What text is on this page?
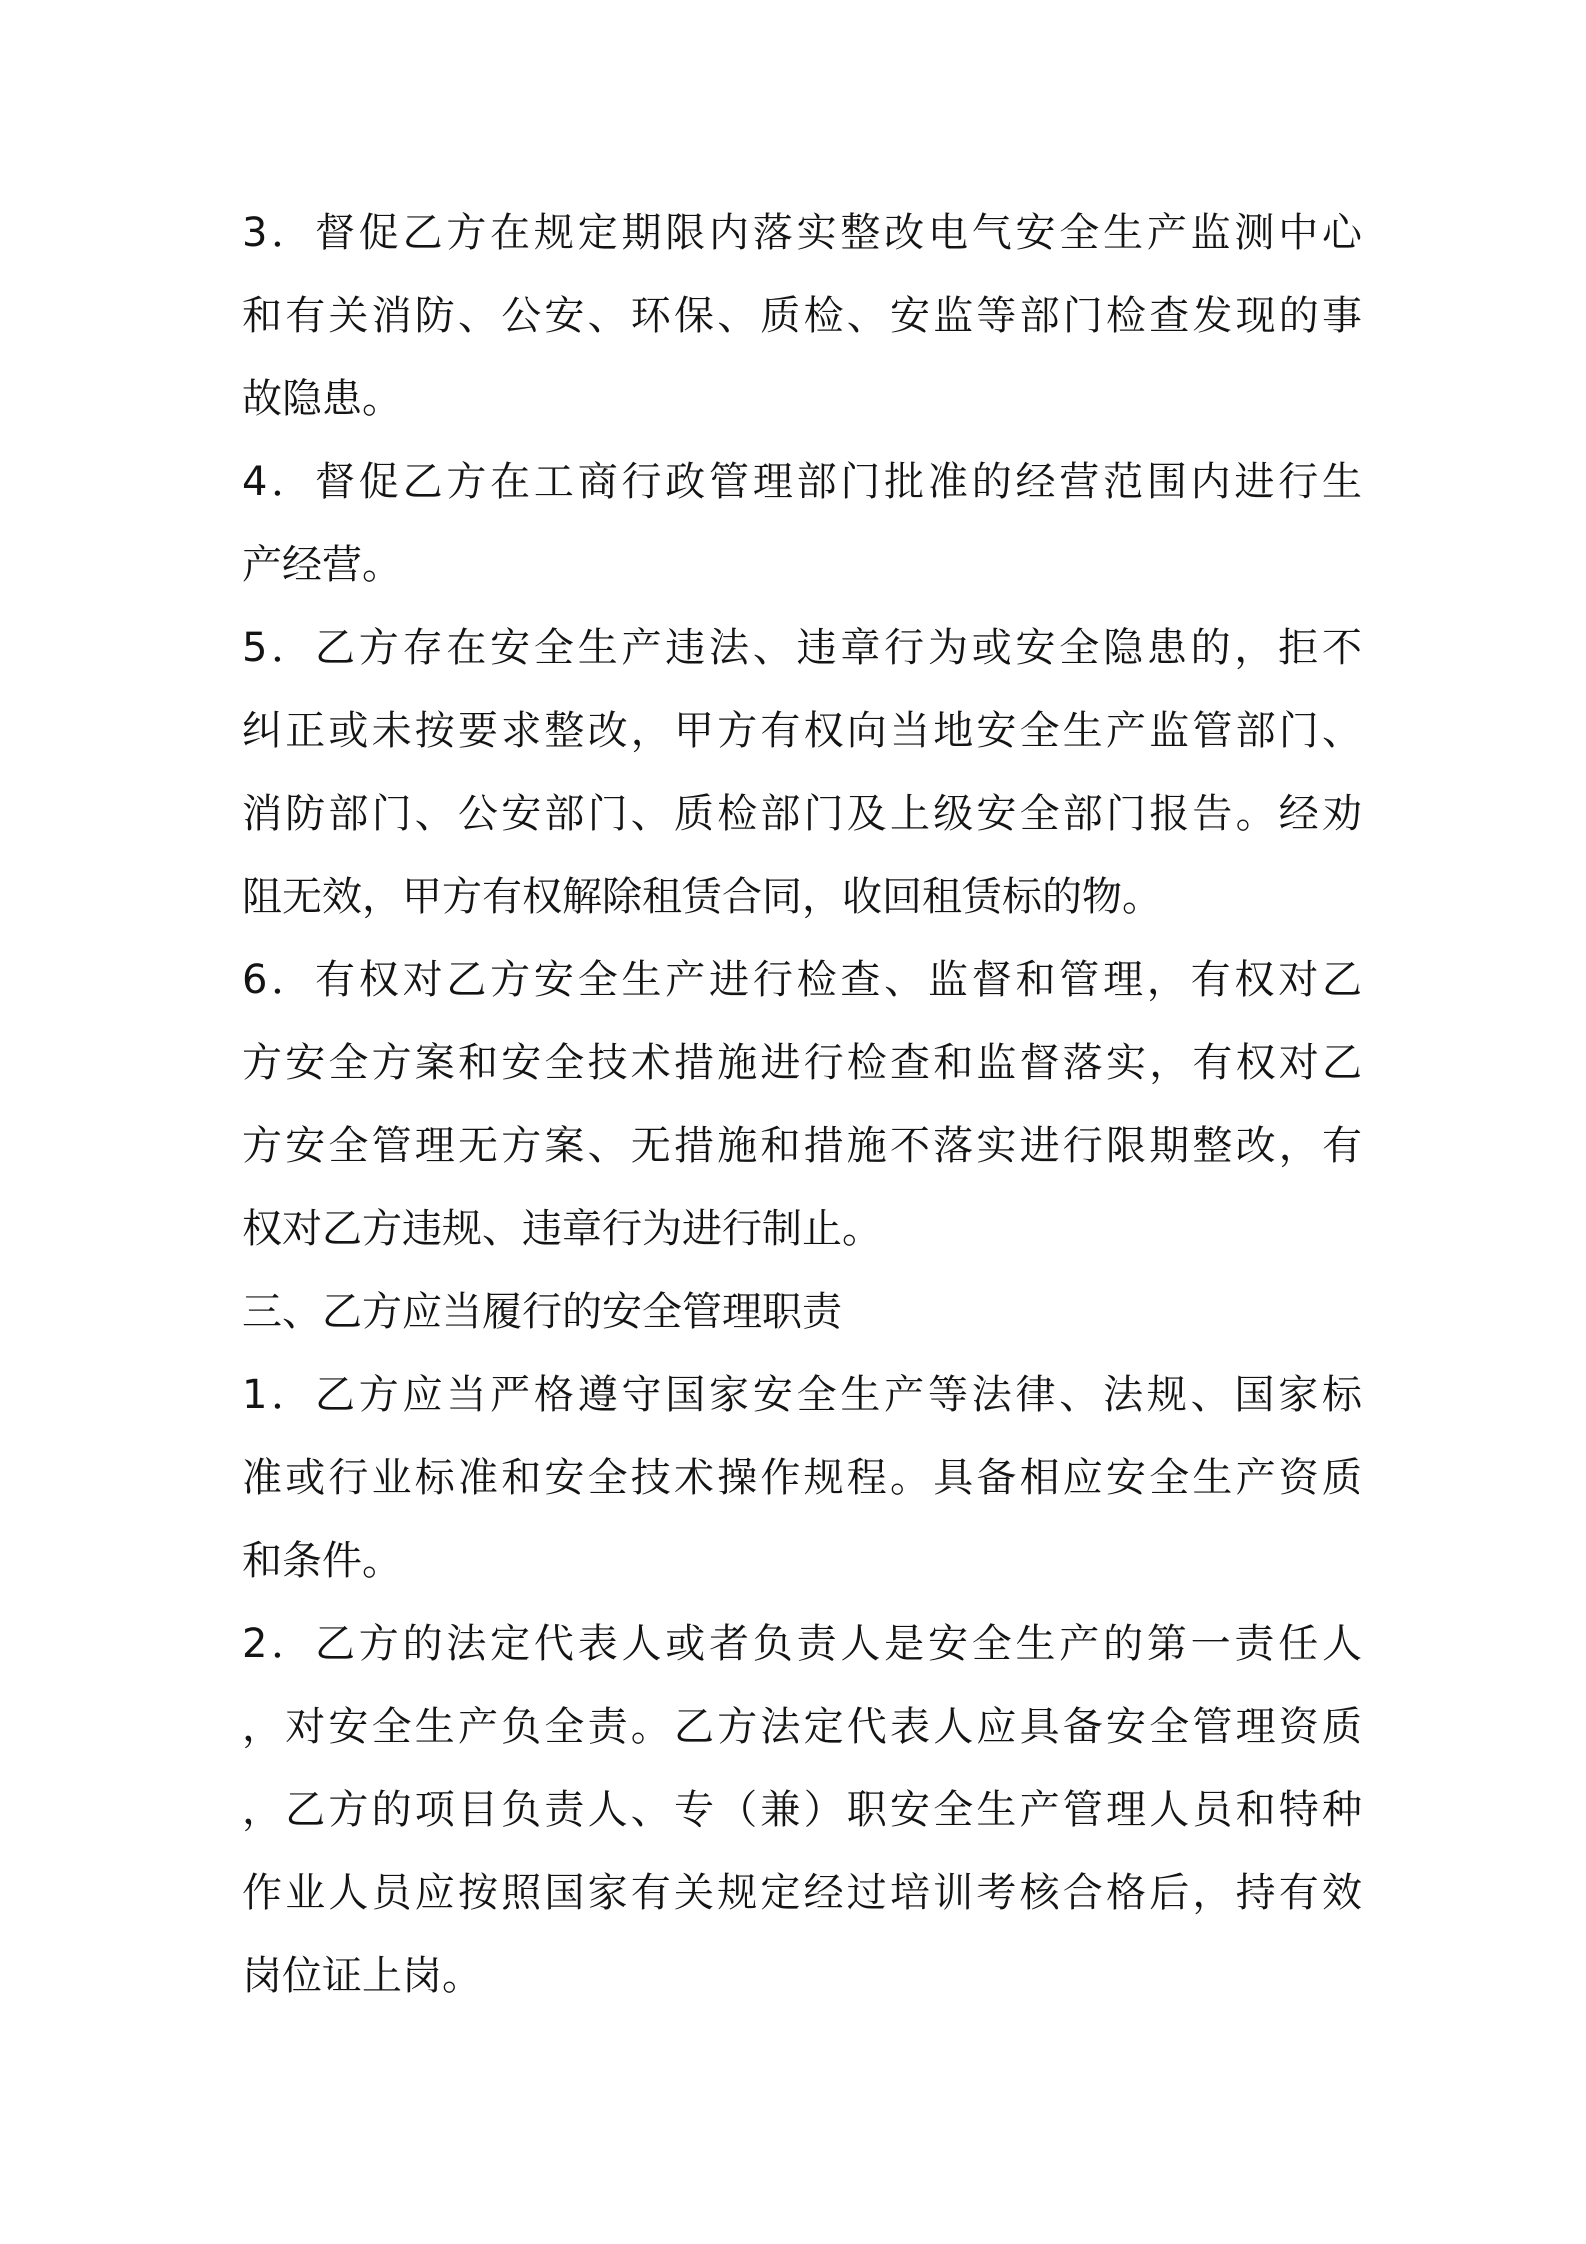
3．督促乙方在规定期限内落实整改电气安全生产监测中心
和有关消防、公安、环保、质检、安监等部门检查发现的事
故隐患。
4．督促乙方在工商行政管理部门批准的经营范围内进行生
产经营。
5．乙方存在安全生产违法、违章行为或安全隐患的，拒不
纠正或未按要求整改，甲方有权向当地安全生产监管部门、
消防部门、公安部门、质检部门及上级安全部门报告。经劝
阻无效，甲方有权解除租赁合同，收回租赁标的物。
6．有权对乙方安全生产进行检查、监督和管理，有权对乙
方安全方案和安全技术措施进行检查和监督落实，有权对乙
方安全管理无方案、无措施和措施不落实进行限期整改，有
权对乙方违规、违章行为进行制止。
三、乙方应当履行的安全管理职责
1．乙方应当严格遵守国家安全生产等法律、法规、国家标
准或行业标准和安全技术操作规程。具备相应安全生产资质
和条件。
2．乙方的法定代表人或者负责人是安全生产的第一责任人
，对安全生产负全责。乙方法定代表人应具备安全管理资质
，乙方的项目负责人、专（兼）职安全生产管理人员和特种
作业人员应按照国家有关规定经过培训考核合格后，持有效
岗位证上岗。
